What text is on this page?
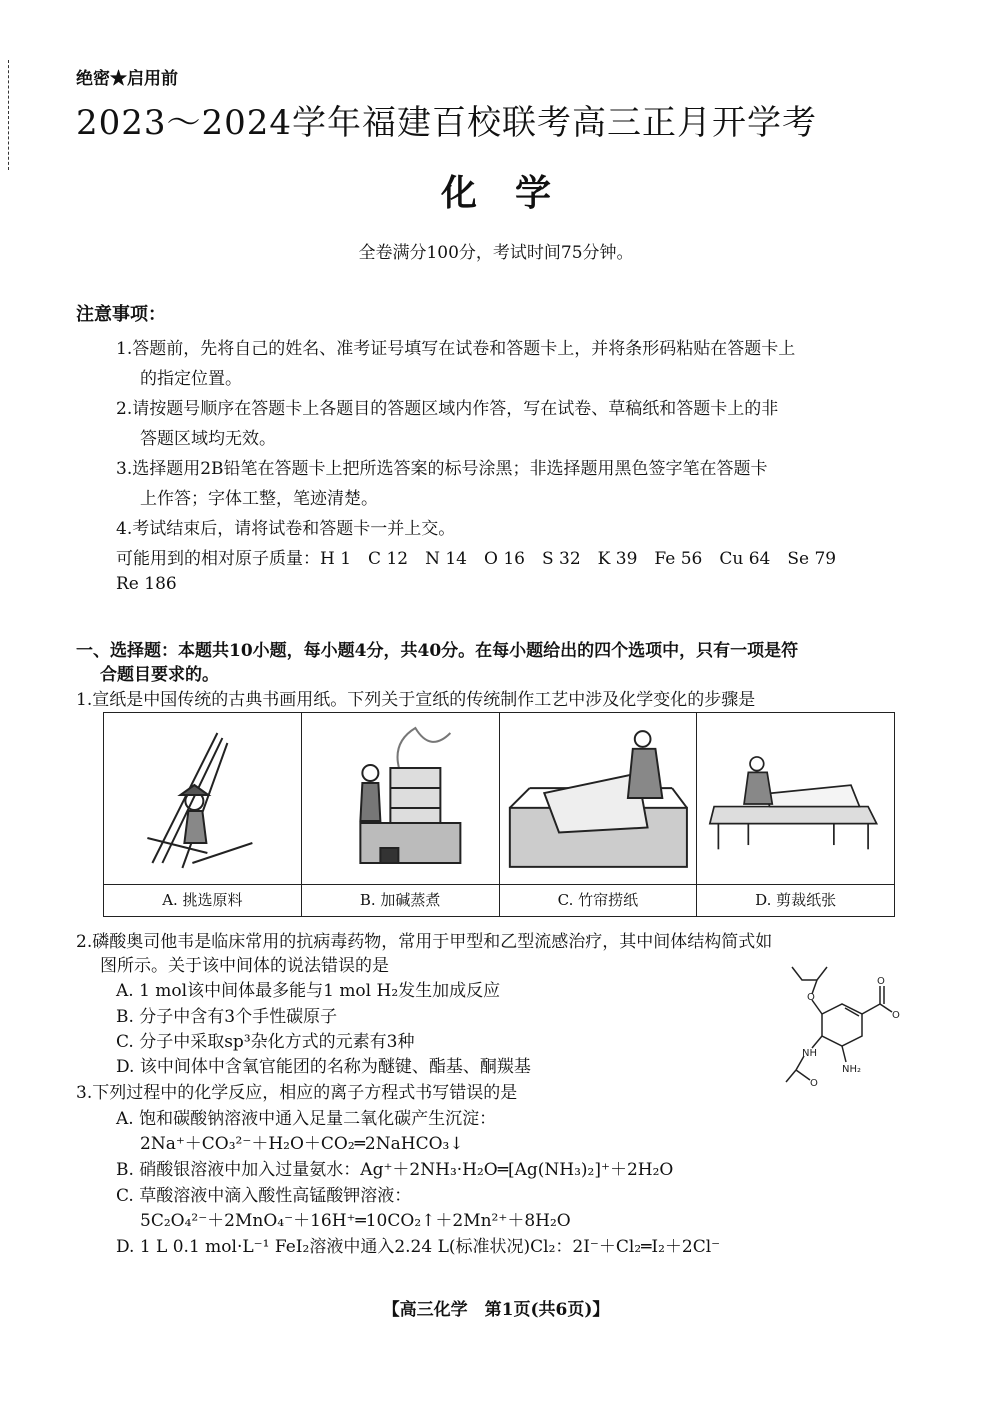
绝密★启用前
2023～2024学年福建百校联考高三正月开学考
化学
全卷满分100分，考试时间75分钟。
注意事项：
1.答题前，先将自己的姓名、准考证号填写在试卷和答题卡上，并将条形码粘贴在答题卡上
的指定位置。
2.请按题号顺序在答题卡上各题目的答题区域内作答，写在试卷、草稿纸和答题卡上的非
答题区域均无效。
3.选择题用2B铅笔在答题卡上把所选答案的标号涂黑；非选择题用黑色签字笔在答题卡
上作答；字体工整，笔迹清楚。
4.考试结束后，请将试卷和答题卡一并上交。
可能用到的相对原子质量：H 1　C 12　N 14　O 16　S 32　K 39　Fe 56　Cu 64　Se 79
Re 186
一、选择题：本题共10小题，每小题4分，共40分。在每小题给出的四个选项中，只有一项是符
合题目要求的。
1.宣纸是中国传统的古典书画用纸。下列关于宣纸的传统制作工艺中涉及化学变化的步骤是
A. 挑选原料	B. 加碱蒸煮	C. 竹帘捞纸	D. 剪裁纸张
2.磷酸奥司他韦是临床常用的抗病毒药物，常用于甲型和乙型流感治疗，其中间体结构简式如
图所示。关于该中间体的说法错误的是
A. 1 mol该中间体最多能与1 mol H₂发生加成反应
B. 分子中含有3个手性碳原子
C. 分子中采取sp³杂化方式的元素有3种
D. 该中间体中含氧官能团的名称为醚键、酯基、酮羰基
O
O
O
NH
NH₂
O
3.下列过程中的化学反应，相应的离子方程式书写错误的是
A. 饱和碳酸钠溶液中通入足量二氧化碳产生沉淀：
2Na⁺＋CO₃²⁻＋H₂O＋CO₂═2NaHCO₃↓
B. 硝酸银溶液中加入过量氨水：Ag⁺＋2NH₃·H₂O═[Ag(NH₃)₂]⁺＋2H₂O
C. 草酸溶液中滴入酸性高锰酸钾溶液：
5C₂O₄²⁻＋2MnO₄⁻＋16H⁺═10CO₂↑＋2Mn²⁺＋8H₂O
D. 1 L 0.1 mol·L⁻¹ FeI₂溶液中通入2.24 L(标准状况)Cl₂：2I⁻＋Cl₂═I₂＋2Cl⁻
【高三化学　第1页(共6页)】
